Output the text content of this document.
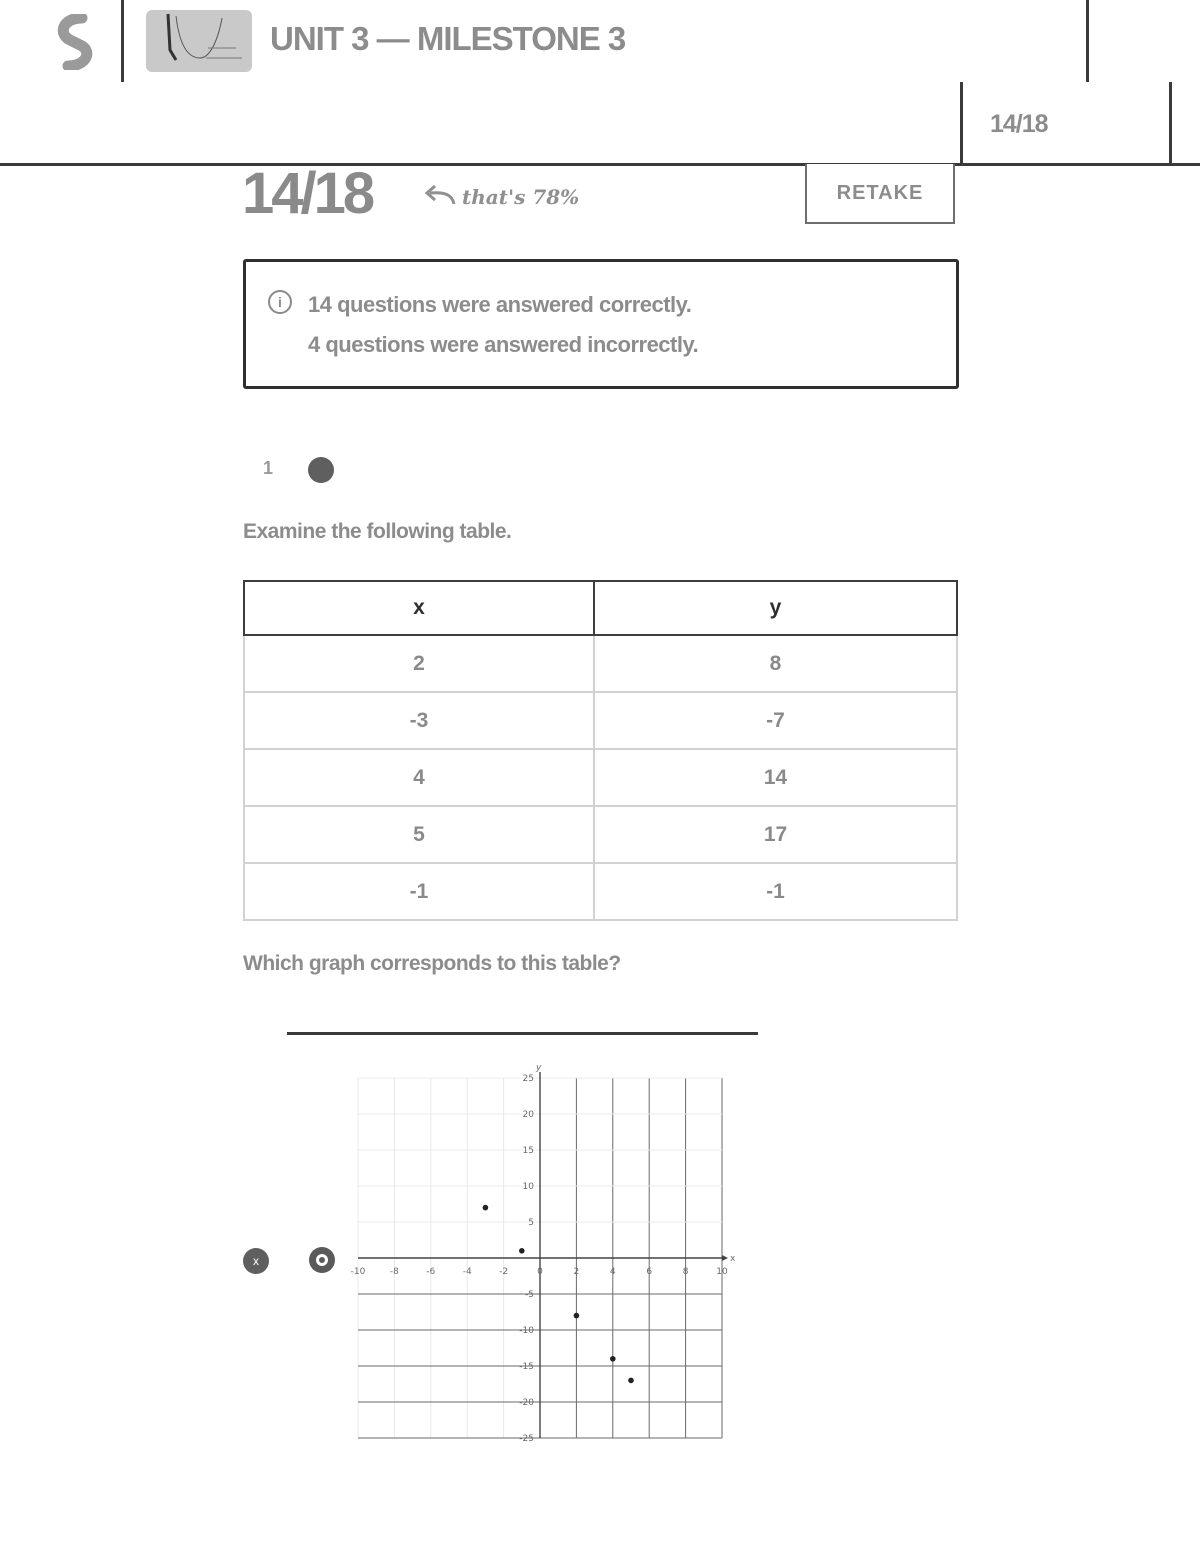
UNIT 3 — MILESTONE 3
14/18
14/18	that's 78%	RETAKE
i	14 questions were answered correctly.
4 questions were answered incorrectly.
1
Examine the following table.
x	y
2	8
-3	-7
4	14
5	17
-1	-1
Which graph corresponds to this table?
x	x
y
-10	-8	-6	-4	-2	0	2	4	6	8	10
25
20
15
10
5
-5
-10
-15
-20
-25
